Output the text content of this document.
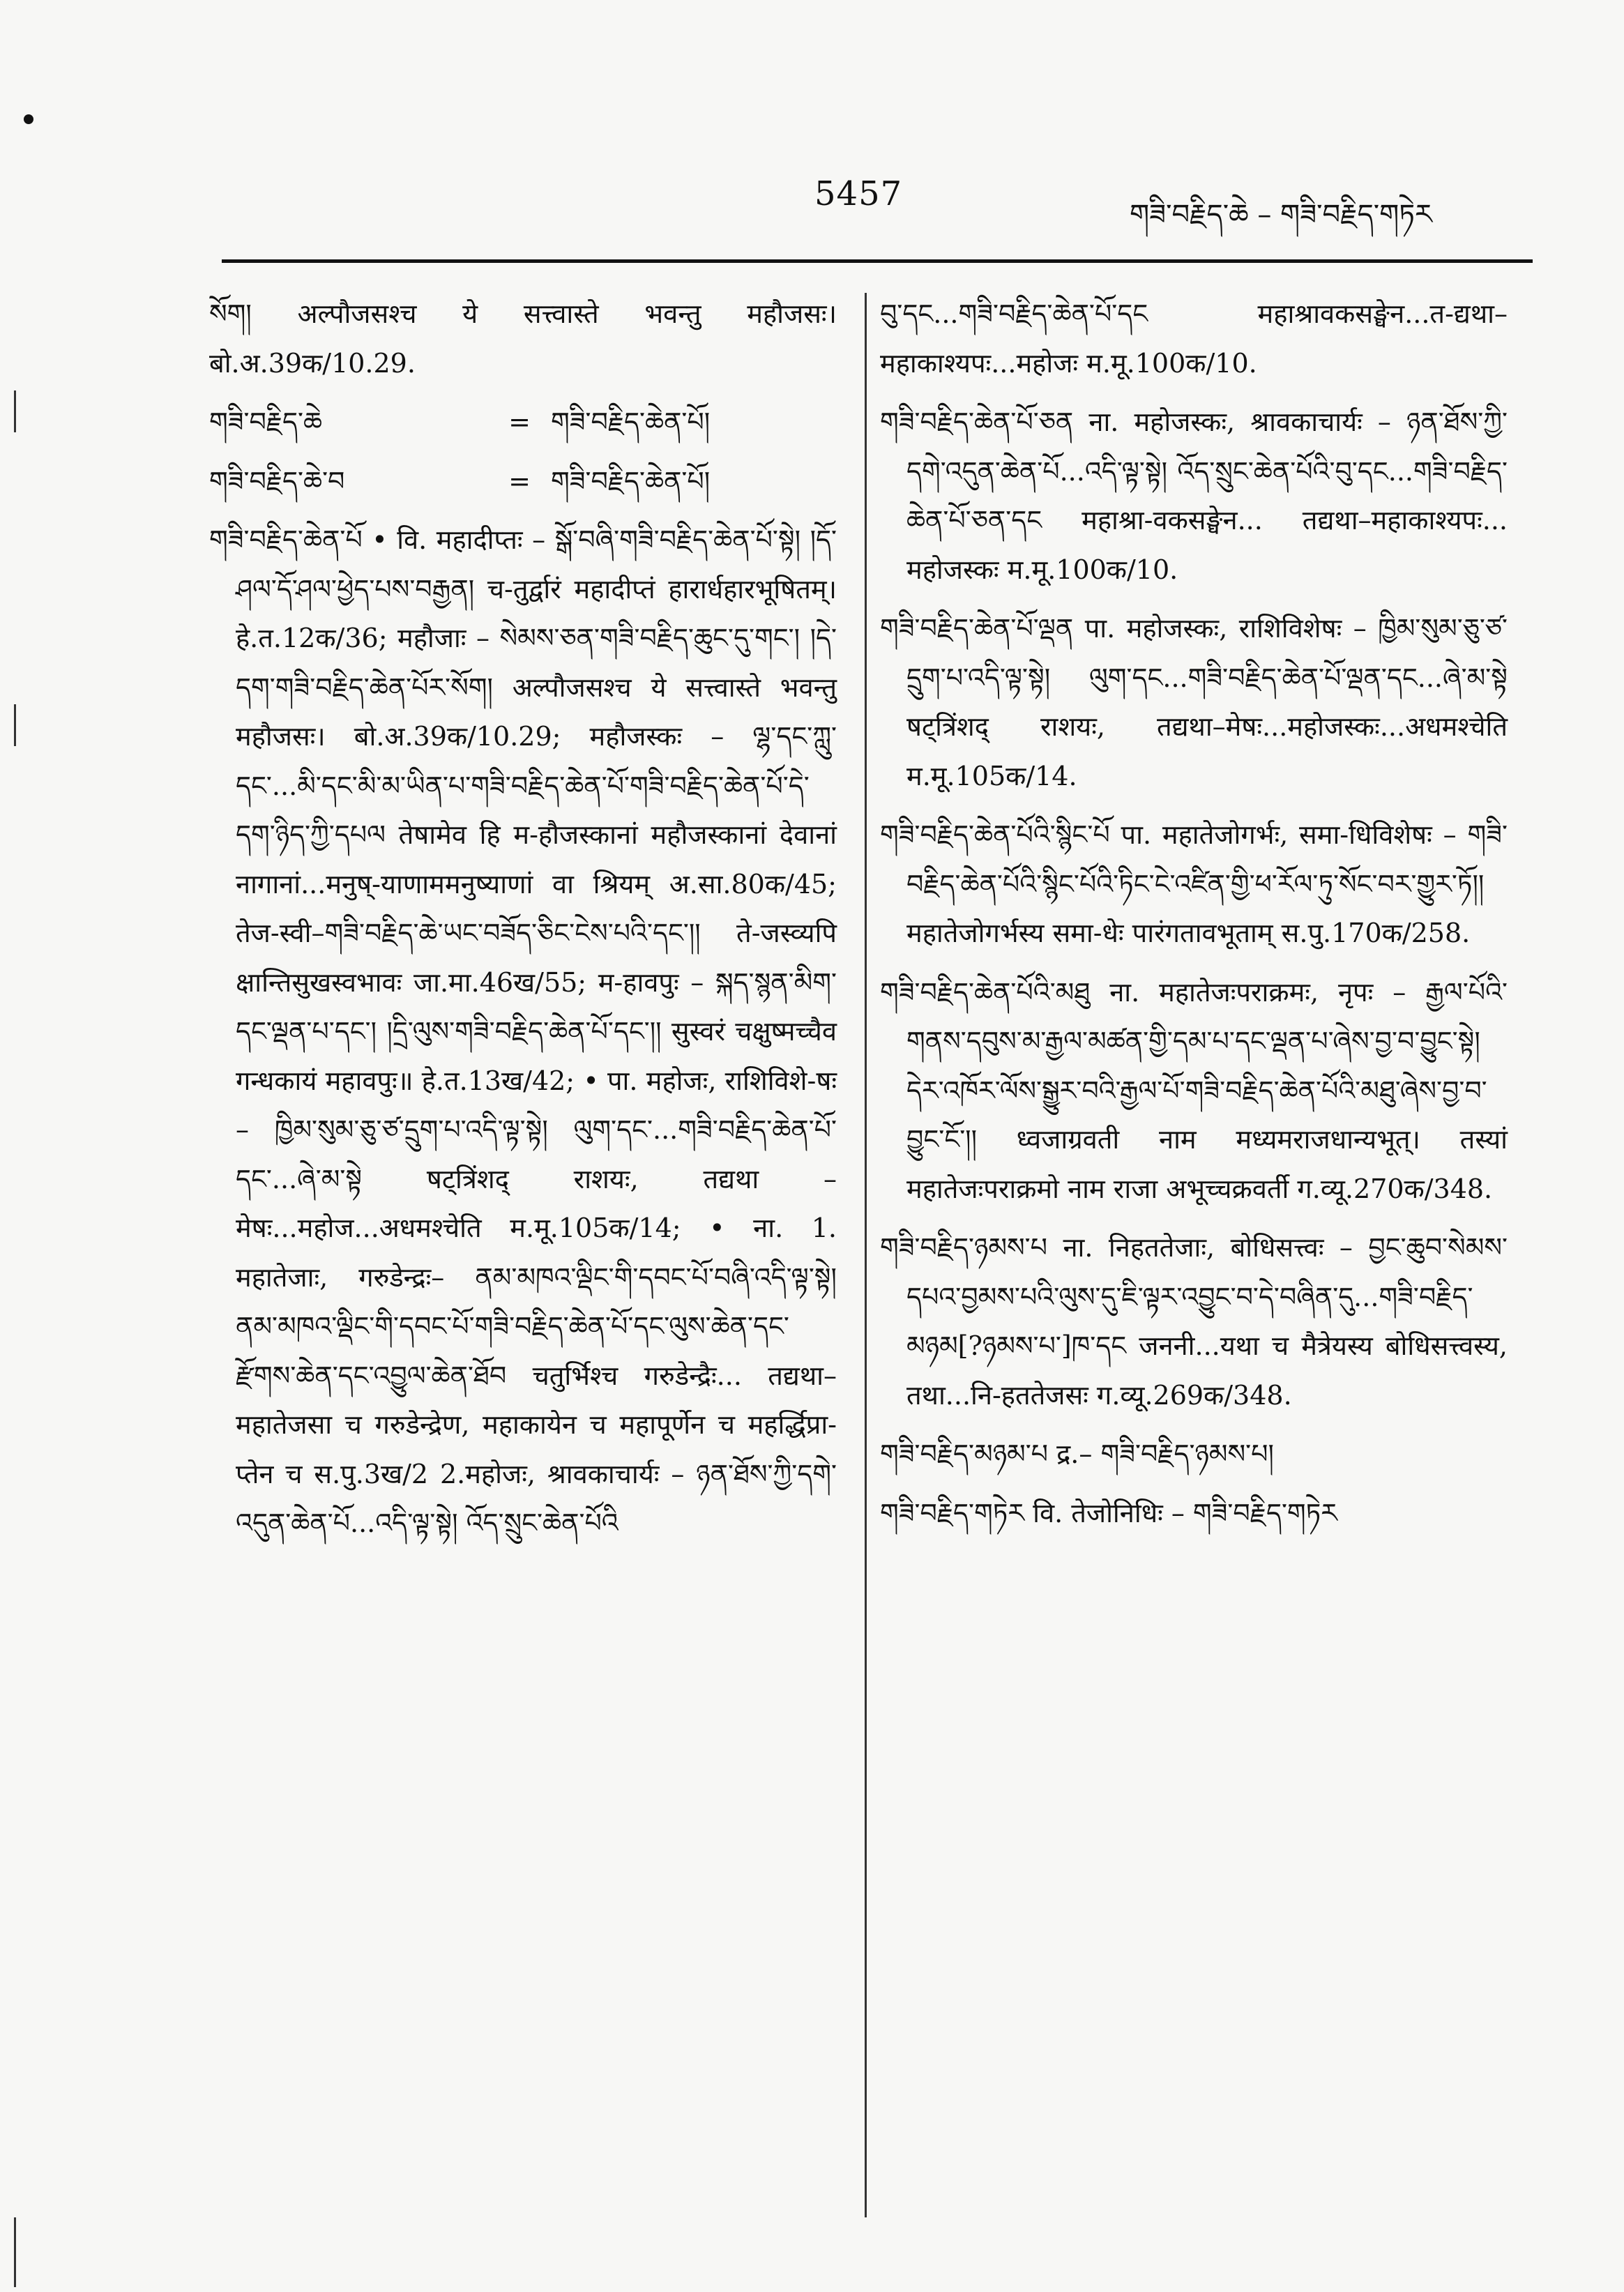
5457
གཟི་བརྗིད་ཆེ – གཟི་བརྗིད་གཏེར

སོག། अल्पौजसश्च ये सत्त्वास्ते भवन्तु महौजसः। बो.अ.39क/10.29.

གཟི་བརྗིད་ཆེ	= གཟི་བརྗིད་ཆེན་པོ།
གཟི་བརྗིད་ཆེ་བ	= གཟི་བརྗིད་ཆེན་པོ།

གཟི་བརྗིད་ཆེན་པོ • वि. महादीप्तः – སྒོ་བཞི་གཟི་བརྗིད་ཆེན་པོ་སྟེ། །དོ་ཤལ་དོ་ཤལ་ཕྱེད་པས་བརྒྱན། च-तुर्द्वारं महादीप्तं हारार्धहारभूषितम्। हे.त.12क/36; महौजाः – སེམས་ཅན་གཟི་བརྗིད་ཆུང་དུ་གང་། །དེ་དག་གཟི་བརྗིད་ཆེན་པོར་སོག། अल्पौजसश्च ये सत्त्वास्ते भवन्तु महौजसः। बो.अ.39क/10.29; महौजस्कः – ལྷ་དང་ཀླུ་དང་...མི་དང་མི་མ་ཡིན་པ་གཟི་བརྗིད་ཆེན་པོ་གཟི་བརྗིད་ཆེན་པོ་དེ་དག་ཉིད་ཀྱི་དཔལ तेषामेव हि म-हौजस्कानां महौजस्कानां देवानां नागानां...मनुष्-याणाममनुष्याणां वा श्रियम् अ.सा.80क/45; तेज-स्वी–གཟི་བརྗིད་ཆེ་ཡང་བཟོད་ཅིང་ངེས་པའི་དང་།། ते-जस्व्यपि क्षान्तिसुखस्वभावः जा.मा.46ख/55; म-हावपुः – སྐད་སྙན་མིག་དང་ལྡན་པ་དང་། །དྲི་ལུས་གཟི་བརྗིད་ཆེན་པོ་དང་།། सुस्वरं चक्षुष्मच्चैव गन्धकायं महावपुः॥ हे.त.13ख/42; • पा. महोजः, राशिविशे-षः – ཁྱིམ་སུམ་ཅུ་ཙ་དྲུག་པ་འདི་ལྟ་སྟེ། ལུག་དང་...གཟི་བརྗིད་ཆེན་པོ་དང་...ཞེ་མ་སྟེ षट्त्रिंशद् राशयः, तद्यथा –मेषः...महोज...अधमश्चेति म.मू.105क/14; • ना. 1. महातेजाः, गरुडेन्द्रः– ནམ་མཁའ་ལྡིང་གི་དབང་པོ་བཞི་འདི་ལྟ་སྟེ། ནམ་མཁའ་ལྡིང་གི་དབང་པོ་གཟི་བརྗིད་ཆེན་པོ་དང་ལུས་ཆེན་དང་རྫོགས་ཆེན་དང་འབྱུལ་ཆེན་ཐོབ चतुर्भिश्च गरुडेन्द्रैः... तद्यथा–महातेजसा च गरुडेन्द्रेण, महाकायेन च महापूर्णेन च महर्द्धिप्रा-प्तेन च स.पु.3ख/2 2.महोजः, श्रावकाचार्यः – ཉན་ཐོས་ཀྱི་དགེ་འདུན་ཆེན་པོ...འདི་ལྟ་སྟེ། འོད་སྲུང་ཆེན་པོའི

བུ་དང...གཟི་བརྗིད་ཆེན་པོ་དང महाश्रावकसङ्घेन...त-द्यथा–महाकाश्यपः...महोजः म.मू.100क/10.

གཟི་བརྗིད་ཆེན་པོ་ཅན ना. महोजस्कः, श्रावकाचार्यः – ཉན་ཐོས་ཀྱི་དགེ་འདུན་ཆེན་པོ...འདི་ལྟ་སྟེ། འོད་སྲུང་ཆེན་པོའི་བུ་དང...གཟི་བརྗིད་ཆེན་པོ་ཅན་དང महाश्रा-वकसङ्घेन... तद्यथा–महाकाश्यपः... महोजस्कः म.मू.100क/10.

གཟི་བརྗིད་ཆེན་པོ་ལྡན पा. महोजस्कः, राशिविशेषः – ཁྱིམ་སུམ་ཅུ་ཙ་དྲུག་པ་འདི་ལྟ་སྟེ། ལུག་དང...གཟི་བརྗིད་ཆེན་པོ་ལྡན་དང...ཞེ་མ་སྟེ षट्त्रिंशद् राशयः, तद्यथा–मेषः...महोजस्कः...अधमश्चेति म.मू.105क/14.

གཟི་བརྗིད་ཆེན་པོའི་སྙིང་པོ पा. महातेजोगर्भः, समा-धिविशेषः – གཟི་བརྗིད་ཆེན་པོའི་སྙིང་པོའི་ཏིང་ངེ་འཛིན་གྱི་ཕ་རོལ་ཏུ་སོང་བར་གྱུར་ཏོ།། महातेजोगर्भस्य समा-धेः पारंगतावभूताम् स.पु.170क/258.

གཟི་བརྗིད་ཆེན་པོའི་མཐུ ना. महातेजःपराक्रमः, नृपः – རྒྱལ་པོའི་གནས་དབུས་མ་རྒྱལ་མཚན་གྱི་དམ་པ་དང་ལྡན་པ་ཞེས་བྱ་བ་བྱུང་སྟེ། དེར་འཁོར་ལོས་སྒྱུར་བའི་རྒྱལ་པོ་གཟི་བརྗིད་ཆེན་པོའི་མཐུ་ཞེས་བྱ་བ་བྱུང་ངོ་།། ध्वजाग्रवती नाम मध्यमराजधान्यभूत्। तस्यां महातेजःपराक्रमो नाम राजा अभूच्चक्रवर्ती ग.व्यू.270क/348.

གཟི་བརྗིད་ཉམས་པ ना. निहततेजाः, बोधिसत्त्वः – བྱང་ཆུབ་སེམས་དཔའ་བྱམས་པའི་ལུས་དུ་ཇི་ལྟར་འབྱུང་བ་དེ་བཞིན་དུ...གཟི་བརྗིད་མཉམ[?ཉམས་པ་]ཁ་དང जननी...यथा च मैत्रेयस्य बोधिसत्त्वस्य, तथा...नि-हततेजसः ग.व्यू.269क/348.

གཟི་བརྗིད་མཉམ་པ द्र.– གཟི་བརྗིད་ཉམས་པ།

གཟི་བརྗིད་གཏེར वि. तेजोनिधिः – གཟི་བརྗིད་གཏེར
